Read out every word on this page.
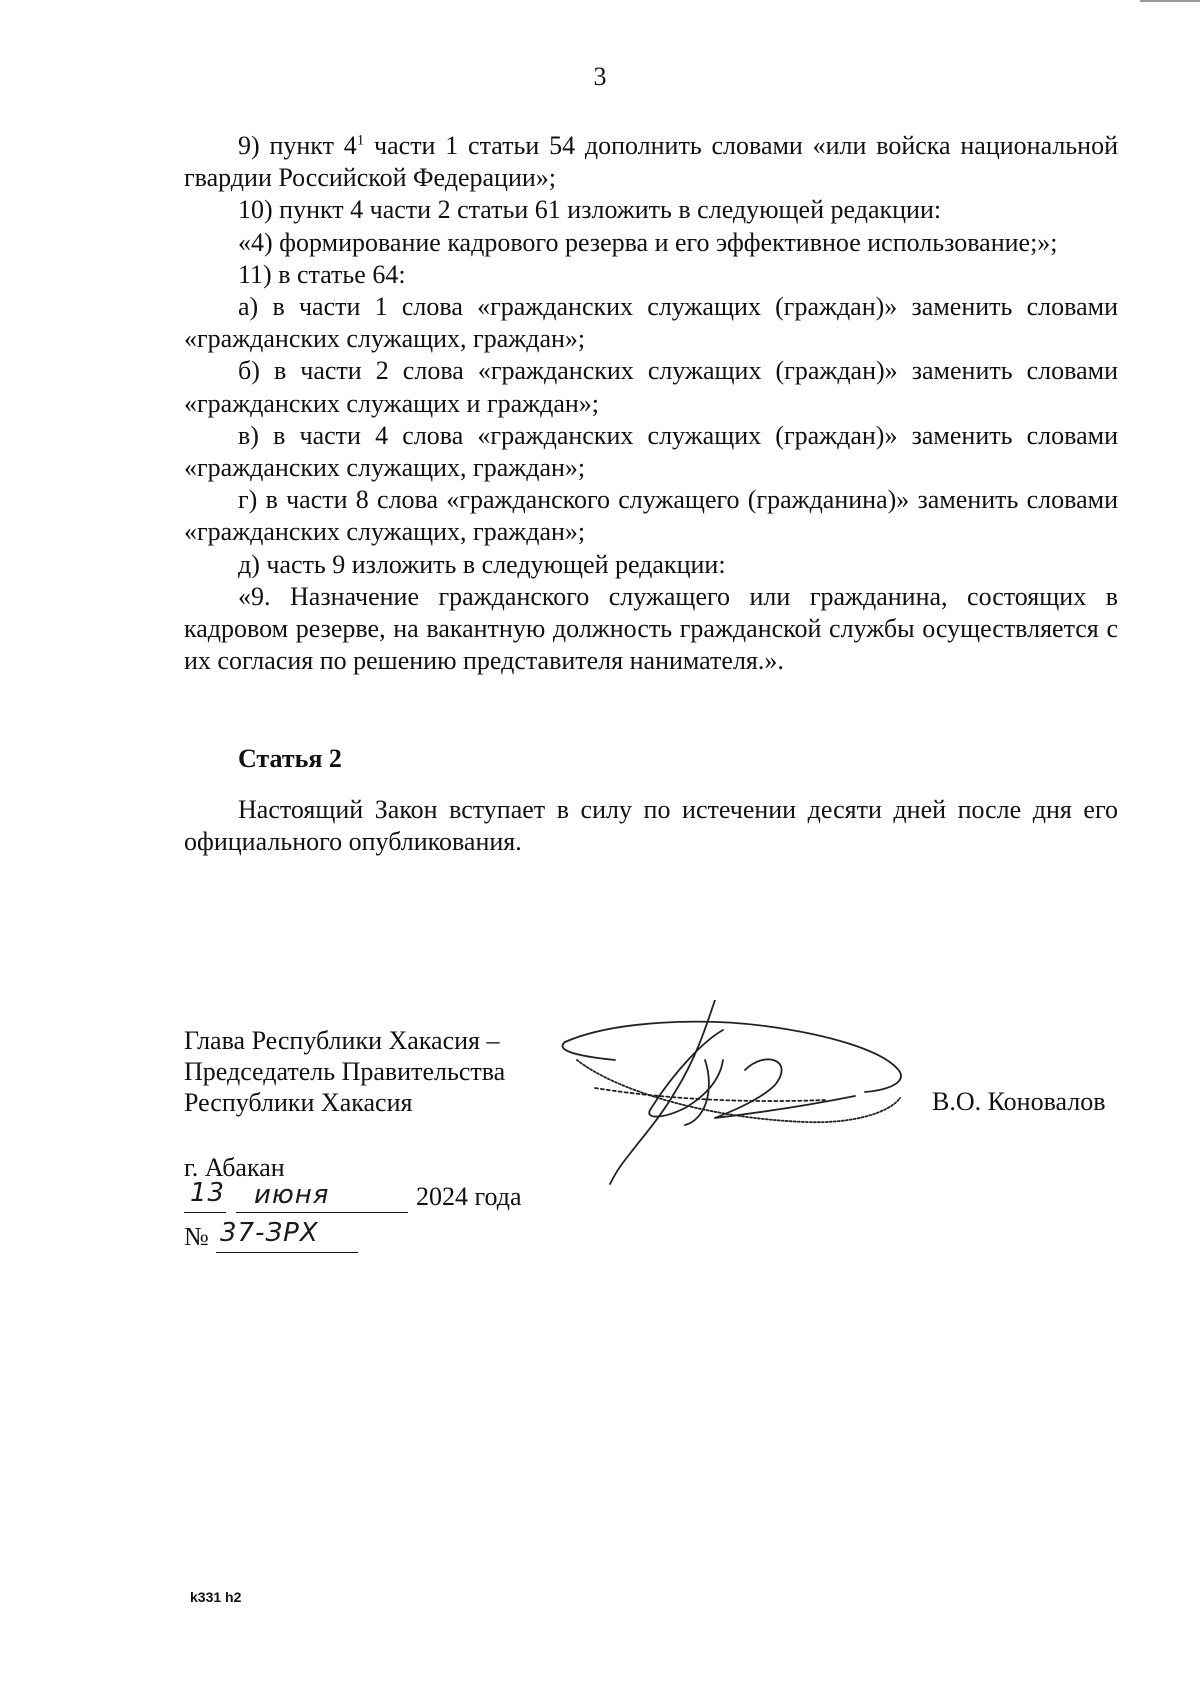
3

9) пункт $4^1$ части 1 статьи 54 дополнить словами «или войска национальной гвардии Российской Федерации»;

10) пункт 4 части 2 статьи 61 изложить в следующей редакции:

«4) формирование кадрового резерва и его эффективное использование;»;

11) в статье 64:

а) в части 1 слова «гражданских служащих (граждан)» заменить словами «гражданских служащих, граждан»;

б) в части 2 слова «гражданских служащих (граждан)» заменить словами «гражданских служащих и граждан»;

в) в части 4 слова «гражданских служащих (граждан)» заменить словами «гражданских служащих, граждан»;

г) в части 8 слова «гражданского служащего (гражданина)» заменить словами «гражданских служащих, граждан»;

д) часть 9 изложить в следующей редакции:

«9. Назначение гражданского служащего или гражданина, состоящих в кадровом резерве, на вакантную должность гражданской службы осуществляется с их согласия по решению представителя нанимателя.».

Статья 2

Настоящий Закон вступает в силу по истечении десяти дней после дня его официального опубликования.

Глава Республики Хакасия –
Председатель Правительства
Республики Хакасия	В.О. Коновалов
г. Абакан
13 июня	2024 года
№ 37-ЗРХ
k331 h2
